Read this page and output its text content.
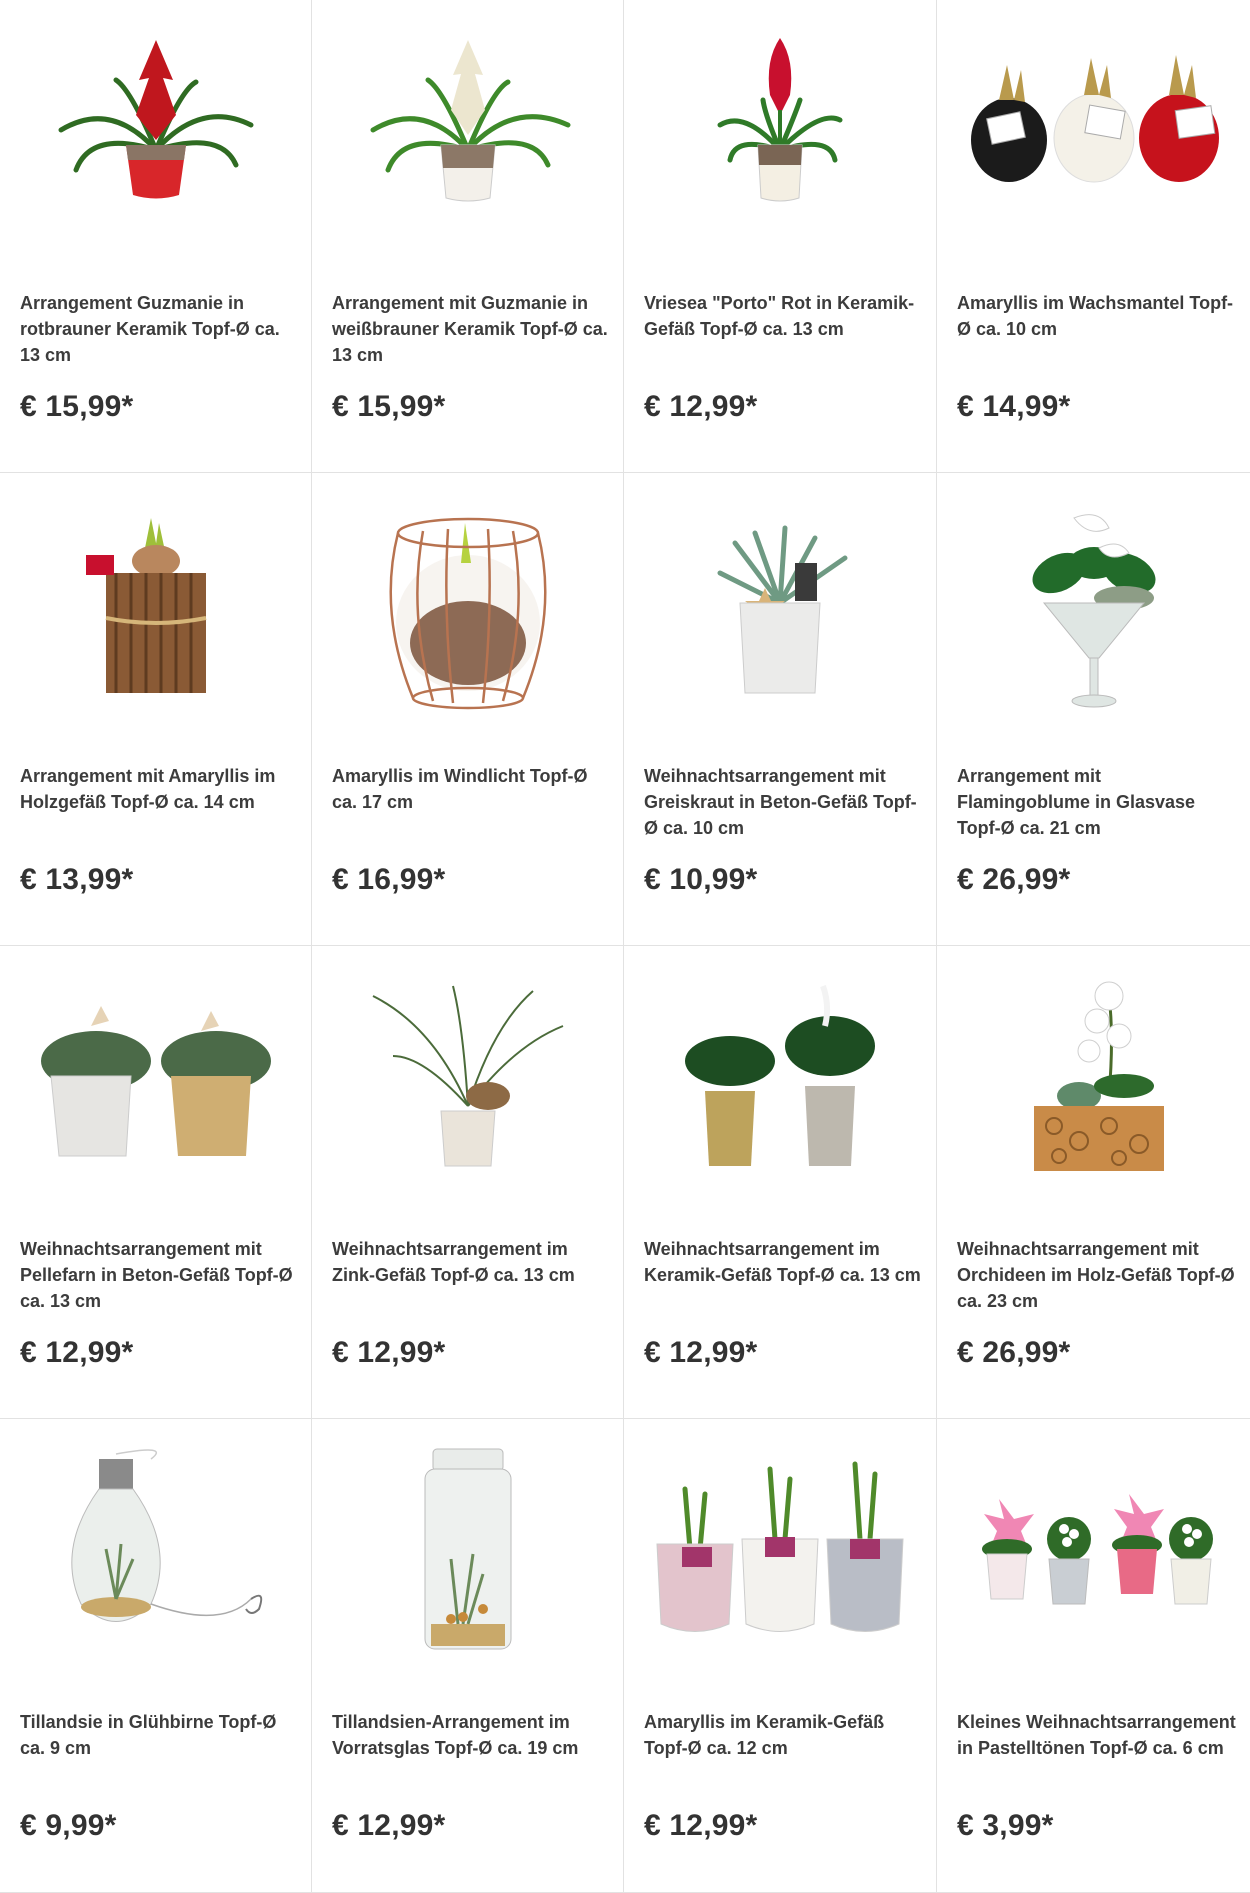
Arrangement Guzmanie in rotbrauner Keramik Topf-Ø ca. 13 cm
€ 15,99*
Arrangement mit Guzmanie in weißbrauner Keramik Topf-Ø ca. 13 cm
€ 15,99*
Vriesea "Porto" Rot in Keramik-Gefäß Topf-Ø ca. 13 cm
€ 12,99*
Amaryllis im Wachsmantel Topf-Ø ca. 10 cm
€ 14,99*
Arrangement mit Amaryllis im Holzgefäß Topf-Ø ca. 14 cm
€ 13,99*
Amaryllis im Windlicht Topf-Ø ca. 17 cm
€ 16,99*
Weihnachtsarrangement mit Greiskraut in Beton-Gefäß Topf-Ø ca. 10 cm
€ 10,99*
Arrangement mit Flamingoblume in Glasvase Topf-Ø ca. 21 cm
€ 26,99*
Weihnachtsarrangement mit Pellefarn in Beton-Gefäß Topf-Ø ca. 13 cm
€ 12,99*
Weihnachtsarrangement im Zink-Gefäß Topf-Ø ca. 13 cm
€ 12,99*
Weihnachtsarrangement im Keramik-Gefäß Topf-Ø ca. 13 cm
€ 12,99*
Weihnachtsarrangement mit Orchideen im Holz-Gefäß Topf-Ø ca. 23 cm
€ 26,99*
Tillandsie in Glühbirne Topf-Ø ca. 9 cm
€ 9,99*
Tillandsien-Arrangement im Vorratsglas Topf-Ø ca. 19 cm
€ 12,99*
Amaryllis im Keramik-Gefäß Topf-Ø ca. 12 cm
€ 12,99*
Kleines Weihnachtsarrangement in Pastelltönen Topf-Ø ca. 6 cm
€ 3,99*
